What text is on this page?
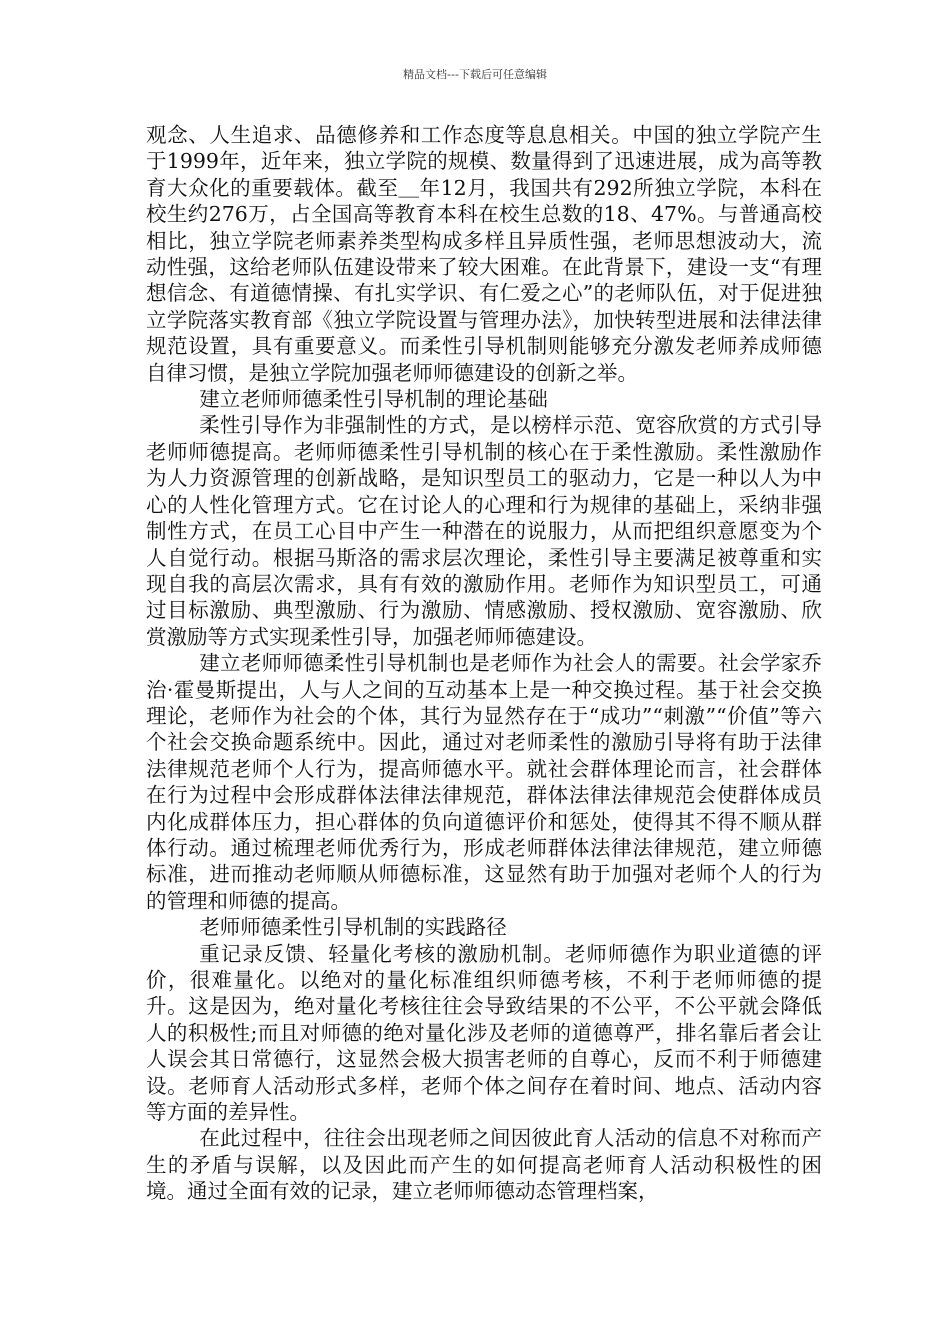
精品文档---下载后可任意编辑

观念、人生追求、品德修养和工作态度等息息相关。中国的独立学院产生于1999年，近年来，独立学院的规模、数量得到了迅速进展，成为高等教育大众化的重要载体。截至＿年12月，我国共有292所独立学院，本科在校生约276万，占全国高等教育本科在校生总数的18、47%。与普通高校相比，独立学院老师素养类型构成多样且异质性强，老师思想波动大，流动性强，这给老师队伍建设带来了较大困难。在此背景下，建设一支“有理想信念、有道德情操、有扎实学识、有仁爱之心”的老师队伍，对于促进独立学院落实教育部《独立学院设置与管理办法》，加快转型进展和法律法律规范设置，具有重要意义。而柔性引导机制则能够充分激发老师养成师德自律习惯，是独立学院加强老师师德建设的创新之举。

建立老师师德柔性引导机制的理论基础

柔性引导作为非强制性的方式，是以榜样示范、宽容欣赏的方式引导老师师德提高。老师师德柔性引导机制的核心在于柔性激励。柔性激励作为人力资源管理的创新战略，是知识型员工的驱动力，它是一种以人为中心的人性化管理方式。它在讨论人的心理和行为规律的基础上，采纳非强制性方式，在员工心目中产生一种潜在的说服力，从而把组织意愿变为个人自觉行动。根据马斯洛的需求层次理论，柔性引导主要满足被尊重和实现自我的高层次需求，具有有效的激励作用。老师作为知识型员工，可通过目标激励、典型激励、行为激励、情感激励、授权激励、宽容激励、欣赏激励等方式实现柔性引导，加强老师师德建设。

建立老师师德柔性引导机制也是老师作为社会人的需要。社会学家乔治·霍曼斯提出，人与人之间的互动基本上是一种交换过程。基于社会交换理论，老师作为社会的个体，其行为显然存在于“成功”“刺激”“价值”等六个社会交换命题系统中。因此，通过对老师柔性的激励引导将有助于法律法律规范老师个人行为，提高师德水平。就社会群体理论而言，社会群体在行为过程中会形成群体法律法律规范，群体法律法律规范会使群体成员内化成群体压力，担心群体的负向道德评价和惩处，使得其不得不顺从群体行动。通过梳理老师优秀行为，形成老师群体法律法律规范，建立师德标准，进而推动老师顺从师德标准，这显然有助于加强对老师个人的行为的管理和师德的提高。

老师师德柔性引导机制的实践路径

重记录反馈、轻量化考核的激励机制。老师师德作为职业道德的评价，很难量化。以绝对的量化标准组织师德考核，不利于老师师德的提升。这是因为，绝对量化考核往往会导致结果的不公平，不公平就会降低人的积极性;而且对师德的绝对量化涉及老师的道德尊严，排名靠后者会让人误会其日常德行，这显然会极大损害老师的自尊心，反而不利于师德建设。老师育人活动形式多样，老师个体之间存在着时间、地点、活动内容等方面的差异性。

在此过程中，往往会出现老师之间因彼此育人活动的信息不对称而产生的矛盾与误解，以及因此而产生的如何提高老师育人活动积极性的困境。通过全面有效的记录，建立老师师德动态管理档案，
